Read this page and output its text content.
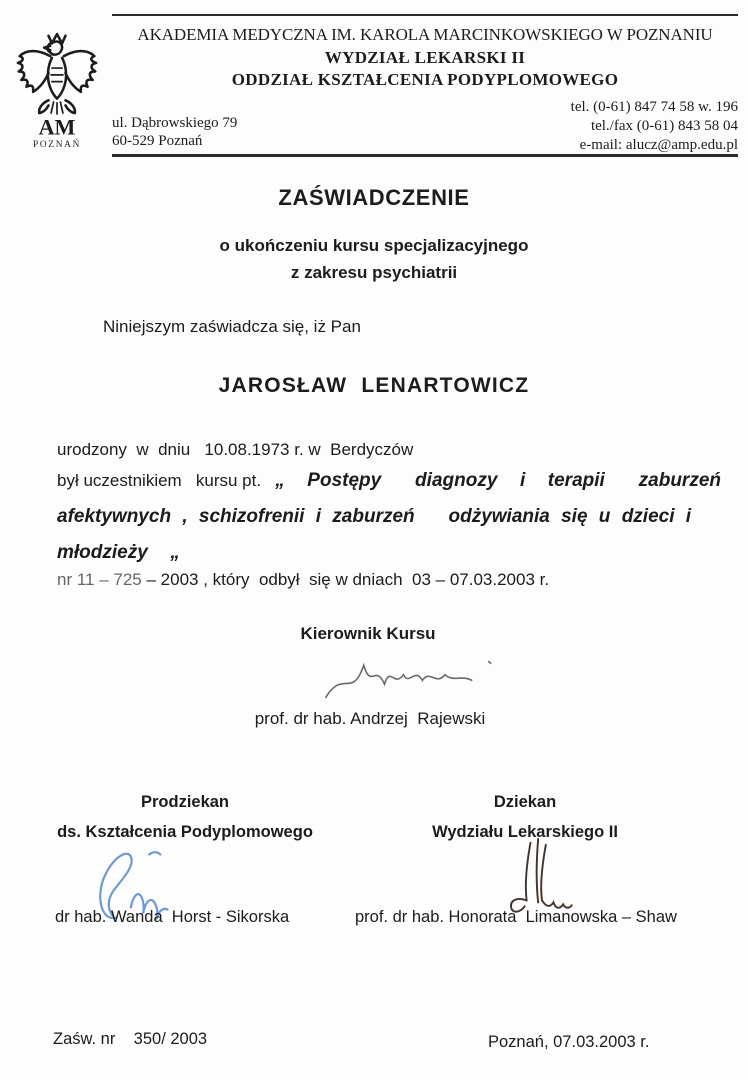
AM
POZNAŃ
AKADEMIA MEDYCZNA IM. KAROLA MARCINKOWSKIEGO W POZNANIU
WYDZIAŁ LEKARSKI II
ODDZIAŁ KSZTAŁCENIA PODYPLOMOWEGO
tel. (0-61) 847 74 58 w. 196
tel./fax (0-61) 843 58 04
e-mail: alucz@amp.edu.pl
ul. Dąbrowskiego 79
60-529 Poznań
ZAŚWIADCZENIE
o ukończeniu kursu specjalizacyjnego
z zakresu psychiatrii
Niniejszym zaświadcza się, iż Pan
JAROSŁAW  LENARTOWICZ
urodzony  w  dniu   10.08.1973 r. w  Berdyczów
był uczestnikiem   kursu pt.   „  Postępy   diagnozy  i  terapii   zaburzeń
afektywnych , schizofrenii i zaburzeń   odżywiania się u dzieci i
młodzieży  „
nr 11 – 725 – 2003 , który  odbył  się w dniach  03 – 07.03.2003 r.
Kierownik Kursu
prof. dr hab. Andrzej  Rajewski
Prodziekan
ds. Kształcenia Podyplomowego
dr hab. Wanda  Horst - Sikorska
Dziekan
Wydziału Lekarskiego II
prof. dr hab. Honorata  Limanowska – Shaw
Zaśw. nr    350/ 2003	Poznań, 07.03.2003 r.
